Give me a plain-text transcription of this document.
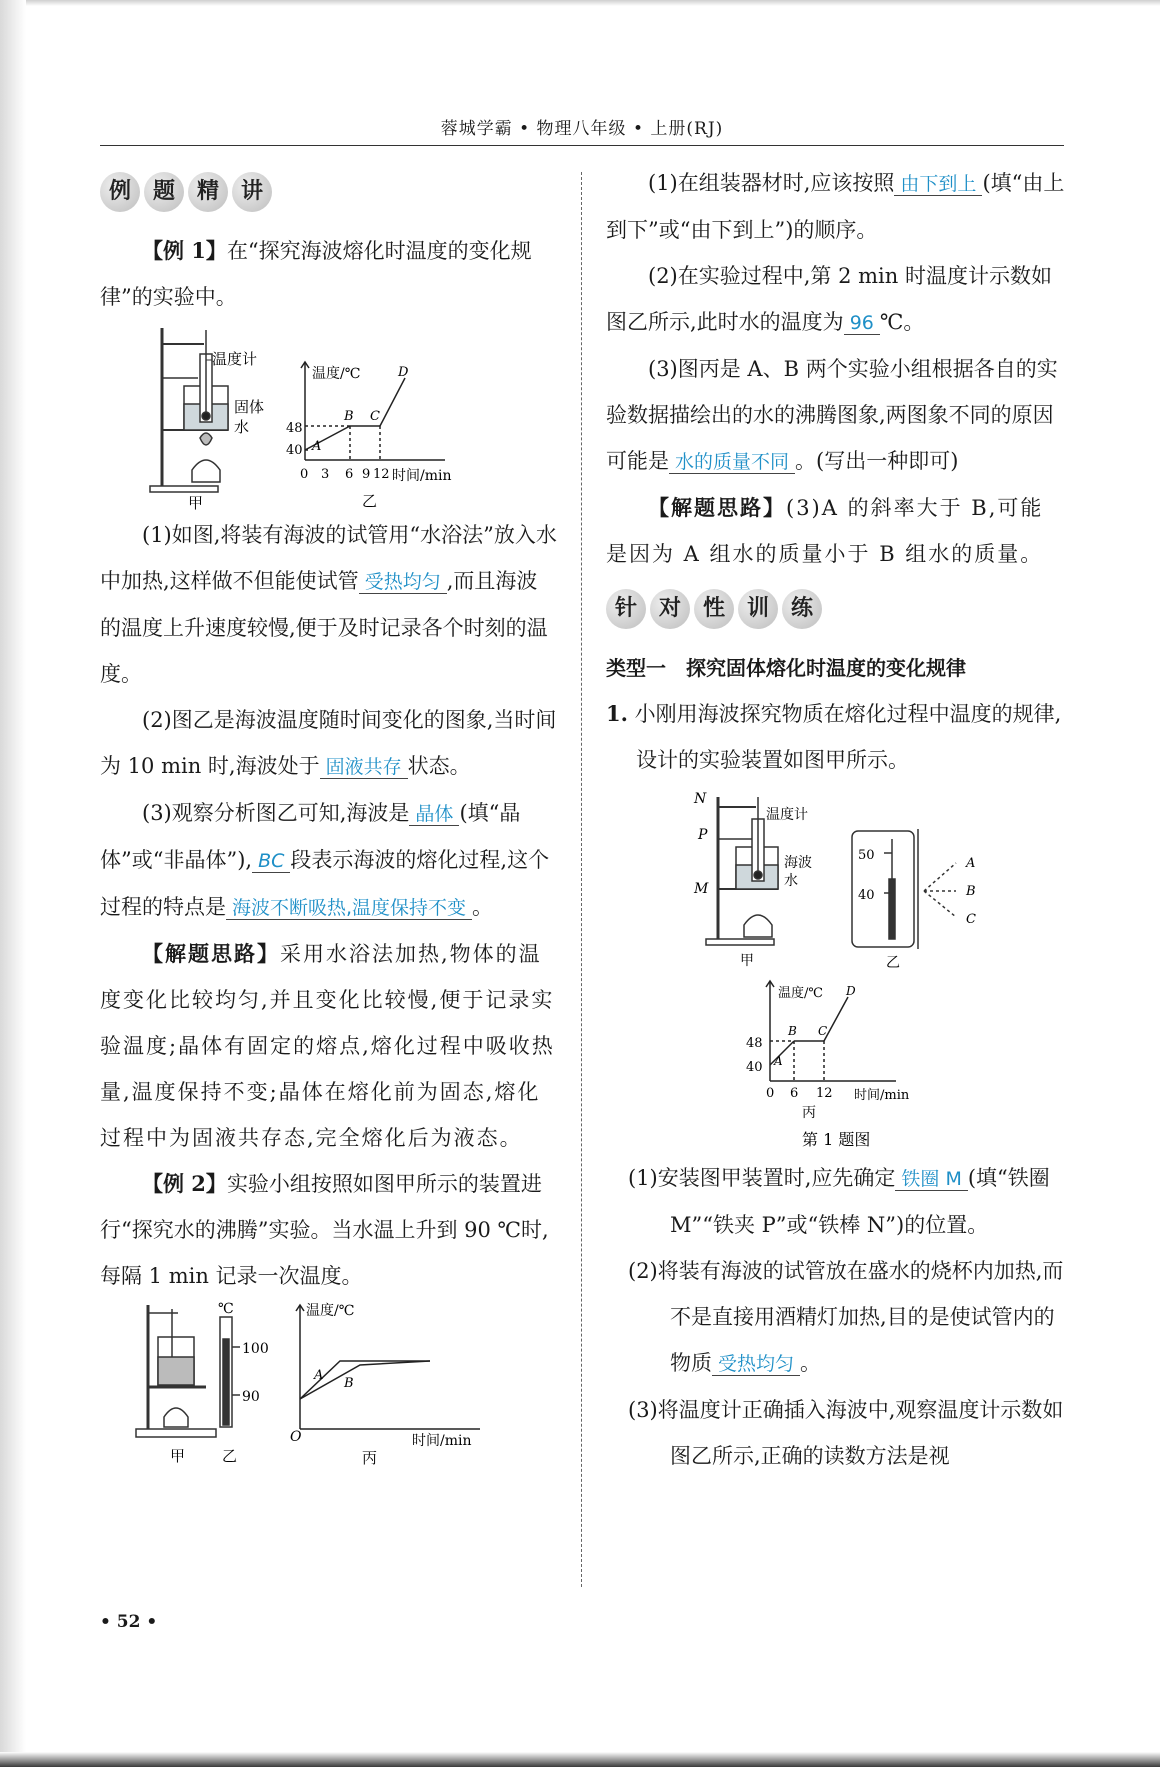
蓉城学霸 • 物理八年级 • 上册(RJ)
例 题 精 讲

【例 1】在“探究海波熔化时温度的变化规律”的实验中。

温度计
固体
水
甲
温度/℃
48
40
0 3 6 9 12 时间/min
A
B C
D
乙

(1)如图,将装有海波的试管用“水浴法”放入水中加热,这样做不但能使试管 受热均匀 ,而且海波的温度上升速度较慢,便于及时记录各个时刻的温度。

(2)图乙是海波温度随时间变化的图象,当时间为 10 min 时,海波处于 固液共存 状态。

(3)观察分析图乙可知,海波是 晶体 (填“晶体”或“非晶体”), BC 段表示海波的熔化过程,这个过程的特点是 海波不断吸热,温度保持不变 。

【解题思路】采用水浴法加热,物体的温度变化比较均匀,并且变化比较慢,便于记录实验温度;晶体有固定的熔点,熔化过程中吸收热量,温度保持不变;晶体在熔化前为固态,熔化过程中为固液共存态,完全熔化后为液态。

【例 2】实验小组按照如图甲所示的装置进行“探究水的沸腾”实验。当水温上升到 90 ℃时,每隔 1 min 记录一次温度。

甲
℃
100
90
乙
温度/℃
A
B
O	时间/min
丙

(1)在组装器材时,应该按照 由下到上 (填“由上到下”或“由下到上”)的顺序。

(2)在实验过程中,第 2 min 时温度计示数如图乙所示,此时水的温度为 96 ℃。

(3)图丙是 A、B 两个实验小组根据各自的实验数据描绘出的水的沸腾图象,两图象不同的原因可能是 水的质量不同 。(写出一种即可)

【解题思路】(3)A 的斜率大于 B,可能是因为 A 组水的质量小于 B 组水的质量。

针 对 性 训 练

类型一　探究固体熔化时温度的变化规律

1. 小刚用海波探究物质在熔化过程中温度的规律,设计的实验装置如图甲所示。

N
P
M
温度计
海波
水
甲
50
40
A
B
C
乙
温度/℃
48
40
0 6 12 时间/min
A
B C
D
丙
第 1 题图

(1)安装图甲装置时,应先确定 铁圈 M (填“铁圈 M”“铁夹 P”或“铁棒 N”)的位置。

(2)将装有海波的试管放在盛水的烧杯内加热,而不是直接用酒精灯加热,目的是使试管内的物质 受热均匀 。

(3)将温度计正确插入海波中,观察温度计示数如图乙所示,正确的读数方法是视

• 52 •
